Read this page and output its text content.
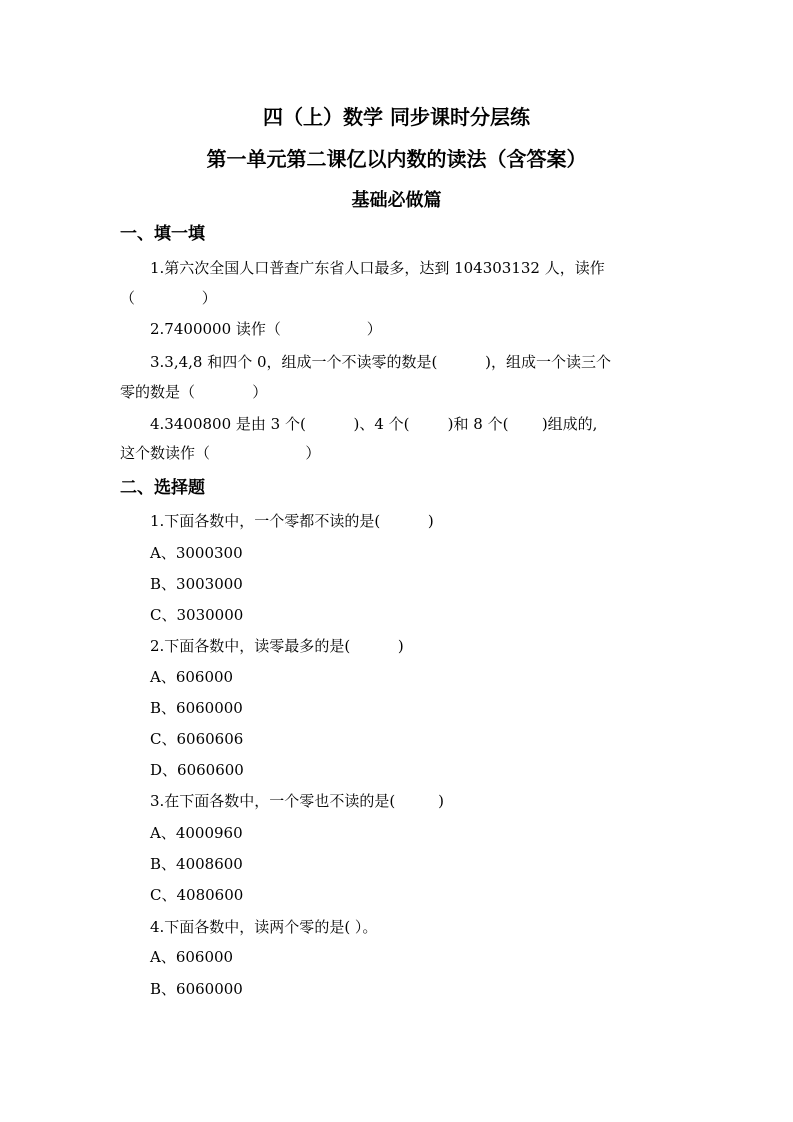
四（上）数学 同步课时分层练
第一单元第二课亿以内数的读法（含答案）
基础必做篇
一、填一填
1.第六次全国人口普查广东省人口最多，达到 104303132 人，读作
（              ）
2.7400000 读作（                  ）
3.3,4,8 和四个 0，组成一个不读零的数是(          )，组成一个读三个
零的数是（            ）
4.3400800 是由 3 个(          )、4 个(        )和 8 个(       )组成的,
这个数读作（                    ）
二、选择题
1.下面各数中，一个零都不读的是(          )
A、3000300
B、3003000
C、3030000
2.下面各数中，读零最多的是(          )
A、606000
B、6060000
C、6060606
D、6060600
3.在下面各数中，一个零也不读的是(         )
A、4000960
B、4008600
C、4080600
4.下面各数中，读两个零的是( ）。
A、606000
B、6060000
